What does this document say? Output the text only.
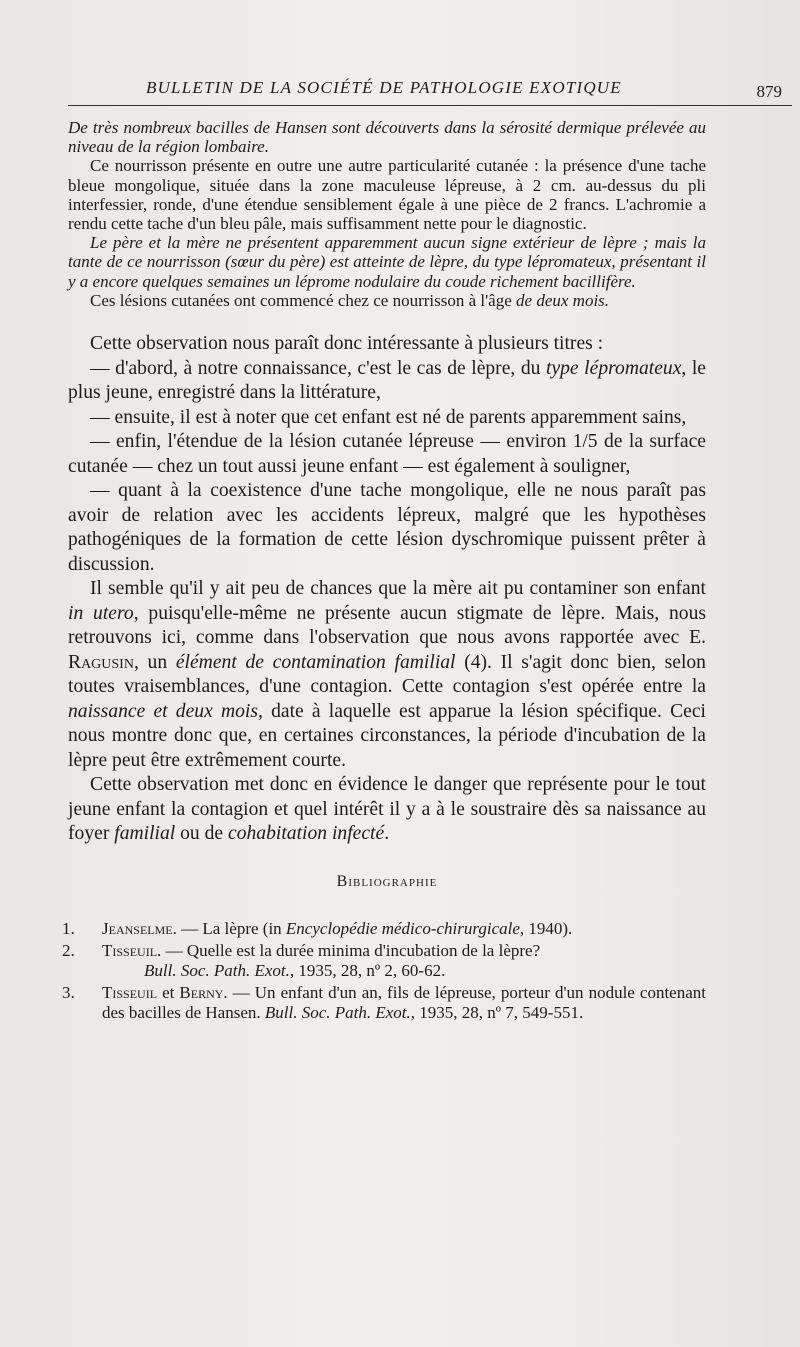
BULLETIN DE LA SOCIÉTÉ DE PATHOLOGIE EXOTIQUE	879

De très nombreux bacilles de Hansen sont découverts dans la sérosité dermique prélevée au niveau de la région lombaire.

Ce nourrisson présente en outre une autre particularité cutanée : la présence d'une tache bleue mongolique, située dans la zone maculeuse lépreuse, à 2 cm. au-dessus du pli interfessier, ronde, d'une étendue sensiblement égale à une pièce de 2 francs. L'achromie a rendu cette tache d'un bleu pâle, mais suffisamment nette pour le diagnostic.

Le père et la mère ne présentent apparemment aucun signe extérieur de lèpre ; mais la tante de ce nourrisson (sœur du père) est atteinte de lèpre, du type lépromateux, présentant il y a encore quelques semaines un léprome nodulaire du coude richement bacillifère.

Ces lésions cutanées ont commencé chez ce nourrisson à l'âge de deux mois.

Cette observation nous paraît donc intéressante à plusieurs titres :

— d'abord, à notre connaissance, c'est le cas de lèpre, du type lépromateux, le plus jeune, enregistré dans la littérature,

— ensuite, il est à noter que cet enfant est né de parents apparemment sains,

— enfin, l'étendue de la lésion cutanée lépreuse — environ 1/5 de la surface cutanée — chez un tout aussi jeune enfant — est également à souligner,

— quant à la coexistence d'une tache mongolique, elle ne nous paraît pas avoir de relation avec les accidents lépreux, malgré que les hypothèses pathogéniques de la formation de cette lésion dyschromique puissent prêter à discussion.

Il semble qu'il y ait peu de chances que la mère ait pu contaminer son enfant in utero, puisqu'elle-même ne présente aucun stigmate de lèpre. Mais, nous retrouvons ici, comme dans l'observation que nous avons rapportée avec E. Ragusin, un élément de contamination familial (4). Il s'agit donc bien, selon toutes vraisemblances, d'une contagion. Cette contagion s'est opérée entre la naissance et deux mois, date à laquelle est apparue la lésion spécifique. Ceci nous montre donc que, en certaines circonstances, la période d'incubation de la lèpre peut être extrêmement courte.

Cette observation met donc en évidence le danger que représente pour le tout jeune enfant la contagion et quel intérêt il y a à le soustraire dès sa naissance au foyer familial ou de cohabitation infecté.

Bibliographie

1. Jeanselme. — La lèpre (in Encyclopédie médico-chirurgicale, 1940).

2. Tisseuil. — Quelle est la durée minima d'incubation de la lèpre?
Bull. Soc. Path. Exot., 1935, 28, nº 2, 60-62.

3. Tisseuil et Berny. — Un enfant d'un an, fils de lépreuse, porteur d'un nodule contenant des bacilles de Hansen. Bull. Soc. Path. Exot., 1935, 28, nº 7, 549-551.
